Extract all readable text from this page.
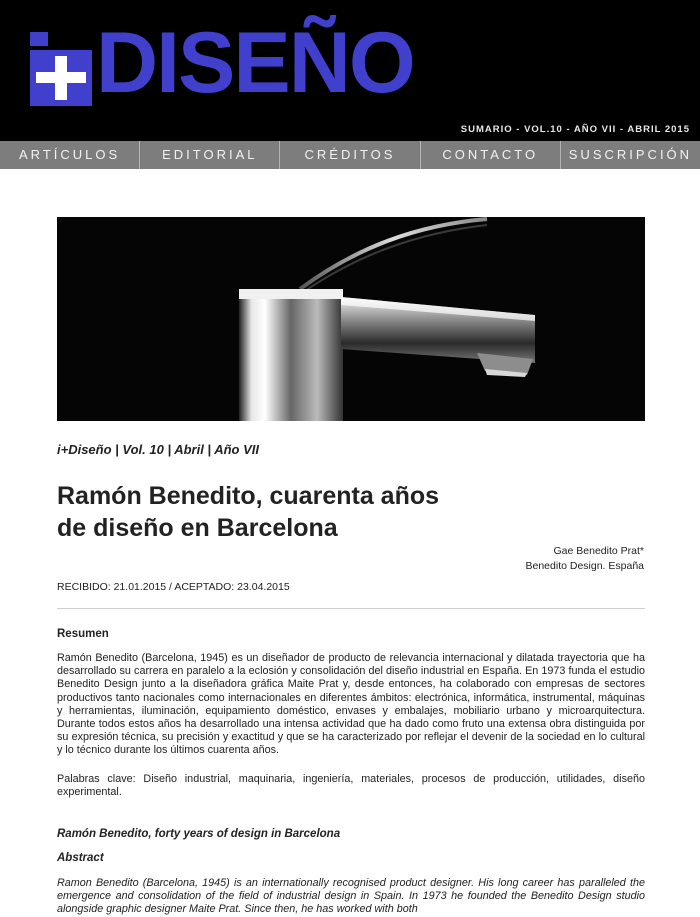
DISEÑO
SUMARIO - VOL.10 - AÑO VII - ABRIL 2015
ARTÍCULOS	EDITORIAL	CRÉDITOS	CONTACTO	SUSCRIPCIÓN
i+Diseño | Vol. 10 | Abril | Año VII
Ramón Benedito, cuarenta años
de diseño en Barcelona
Gae Benedito Prat*
Benedito Design. España
RECIBIDO: 21.01.2015 / ACEPTADO: 23.04.2015
Resumen
Ramón Benedito (Barcelona, 1945) es un diseñador de producto de relevancia internacional y dilatada trayectoria que ha desarrollado su carrera en paralelo a la eclosión y consolidación del diseño industrial en España. En 1973 funda el estudio Benedito Design junto a la diseñadora gráfica Maite Prat y, desde entonces, ha colaborado con empresas de sectores productivos tanto nacionales como internacionales en diferentes ámbitos: electrónica, informática, instrumental, máquinas y herramientas, iluminación, equipamiento doméstico, envases y embalajes, mobiliario urbano y microarquitectura. Durante todos estos años ha desarrollado una intensa actividad que ha dado como fruto una extensa obra distinguida por su expresión técnica, su precisión y exactitud y que se ha caracterizado por reflejar el devenir de la sociedad en lo cultural y lo técnico durante los últimos cuarenta años.
Palabras clave: Diseño industrial, maquinaria, ingeniería, materiales, procesos de producción, utilidades, diseño experimental.
Ramón Benedito, forty years of design in Barcelona
Abstract
Ramon Benedito (Barcelona, 1945) is an internationally recognised product designer. His long career has paralleled the emergence and consolidation of the field of industrial design in Spain. In 1973 he founded the Benedito Design studio alongside graphic designer Maite Prat. Since then, he has worked with both
